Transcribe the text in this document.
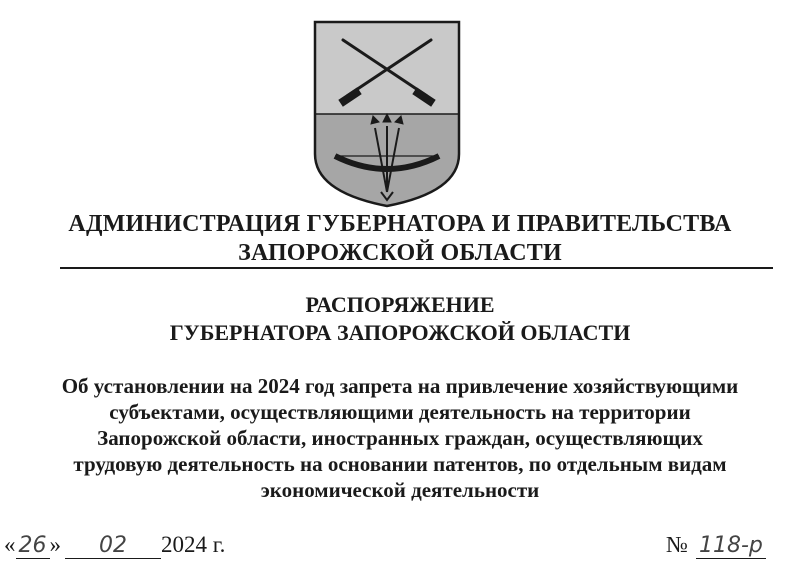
АДМИНИСТРАЦИЯ ГУБЕРНАТОРА И ПРАВИТЕЛЬСТВА
ЗАПОРОЖСКОЙ ОБЛАСТИ
РАСПОРЯЖЕНИЕ
ГУБЕРНАТОРА ЗАПОРОЖСКОЙ ОБЛАСТИ
Об установлении на 2024 год запрета на привлечение хозяйствующими
субъектами, осуществляющими деятельность на территории
Запорожской области, иностранных граждан, осуществляющих
трудовую деятельность на основании патентов, по отдельным видам
экономической деятельности
« 26 » 02 2024 г.	№ 118-р
